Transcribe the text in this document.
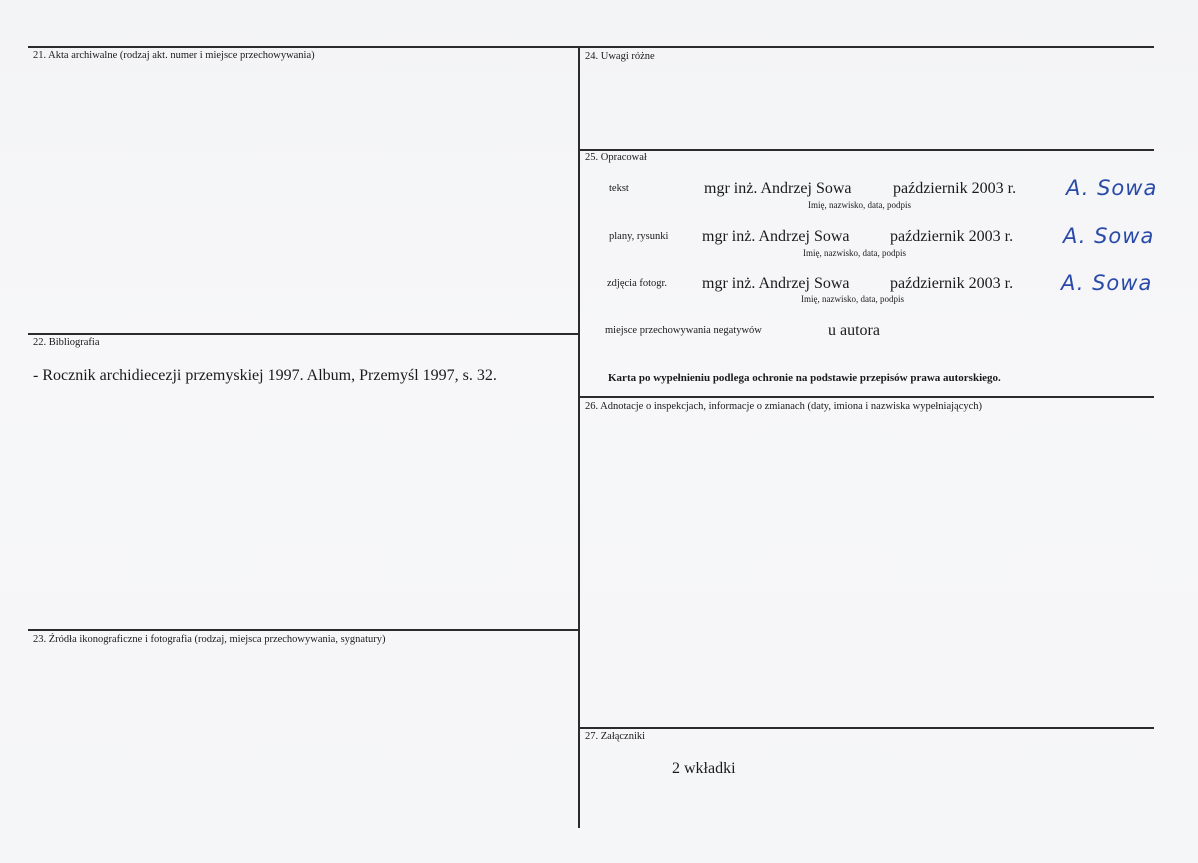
21. Akta archiwalne (rodzaj akt. numer i miejsce przechowywania)
22. Bibliografia
- Rocznik archidiecezji przemyskiej 1997. Album, Przemyśl 1997, s. 32.
23. Źródła ikonograficzne i fotografia (rodzaj, miejsca przechowywania, sygnatury)
24. Uwagi różne
25. Opracował
tekst	mgr inż. Andrzej Sowa	październik 2003 r.
Imię, nazwisko, data, podpis
A. Sowa
plany, rysunki mgr inż. Andrzej Sowa	październik 2003 r.
Imię, nazwisko, data, podpis
A. Sowa
zdjęcia fotogr. mgr inż. Andrzej Sowa	październik 2003 r.
Imię, nazwisko, data, podpis
A. Sowa
miejsce przechowywania negatywów	u autora
Karta po wypełnieniu podlega ochronie na podstawie przepisów prawa autorskiego.
26. Adnotacje o inspekcjach, informacje o zmianach (daty, imiona i nazwiska wypełniających)
27. Załączniki
2 wkładki
